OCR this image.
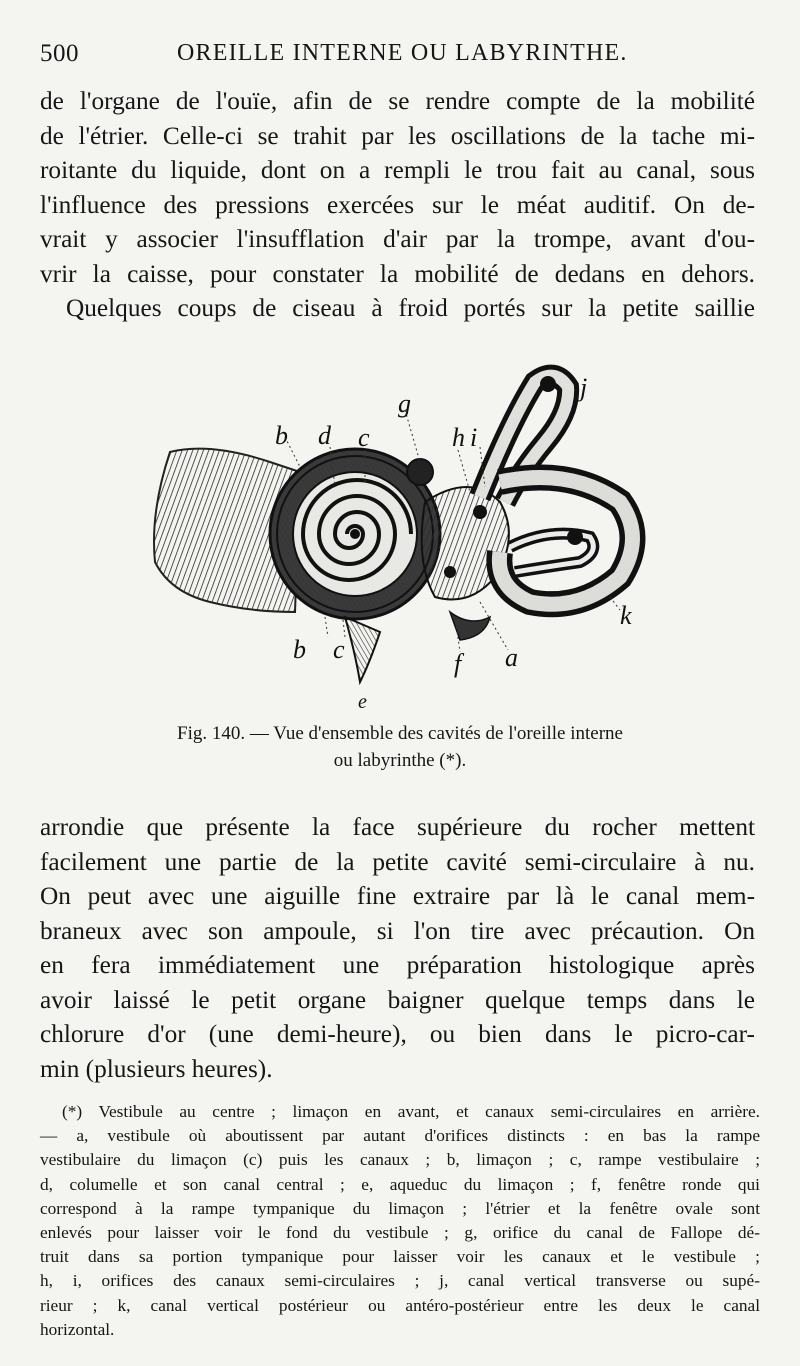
500	OREILLE INTERNE OU LABYRINTHE.
de l'organe de l'ouïe, afin de se rendre compte de la mobilité
de l'étrier. Celle-ci se trahit par les oscillations de la tache mi-
roitante du liquide, dont on a rempli le trou fait au canal, sous
l'influence des pressions exercées sur le méat auditif. On de-
vrait y associer l'insufflation d'air par la trompe, avant d'ou-
vrir la caisse, pour constater la mobilité de dedans en dehors.
Quelques coups de ciseau à froid portés sur la petite saillie
b d c
g
h i
j
b c
e
f a
k
Fig. 140. — Vue d'ensemble des cavités de l'oreille interne
ou labyrinthe (*).
arrondie que présente la face supérieure du rocher mettent
facilement une partie de la petite cavité semi-circulaire à nu.
On peut avec une aiguille fine extraire par là le canal mem-
braneux avec son ampoule, si l'on tire avec précaution. On
en fera immédiatement une préparation histologique après
avoir laissé le petit organe baigner quelque temps dans le
chlorure d'or (une demi-heure), ou bien dans le picro-car-
min (plusieurs heures).
(*) Vestibule au centre ; limaçon en avant, et canaux semi-circulaires en arrière.
— a, vestibule où aboutissent par autant d'orifices distincts : en bas la rampe
vestibulaire du limaçon (c) puis les canaux ; b, limaçon ; c, rampe vestibulaire ;
d, columelle et son canal central ; e, aqueduc du limaçon ; f, fenêtre ronde qui
correspond à la rampe tympanique du limaçon ; l'étrier et la fenêtre ovale sont
enlevés pour laisser voir le fond du vestibule ; g, orifice du canal de Fallope dé-
truit dans sa portion tympanique pour laisser voir les canaux et le vestibule ;
h, i, orifices des canaux semi-circulaires ; j, canal vertical transverse ou supé-
rieur ; k, canal vertical postérieur ou antéro-postérieur entre les deux le canal
horizontal.
